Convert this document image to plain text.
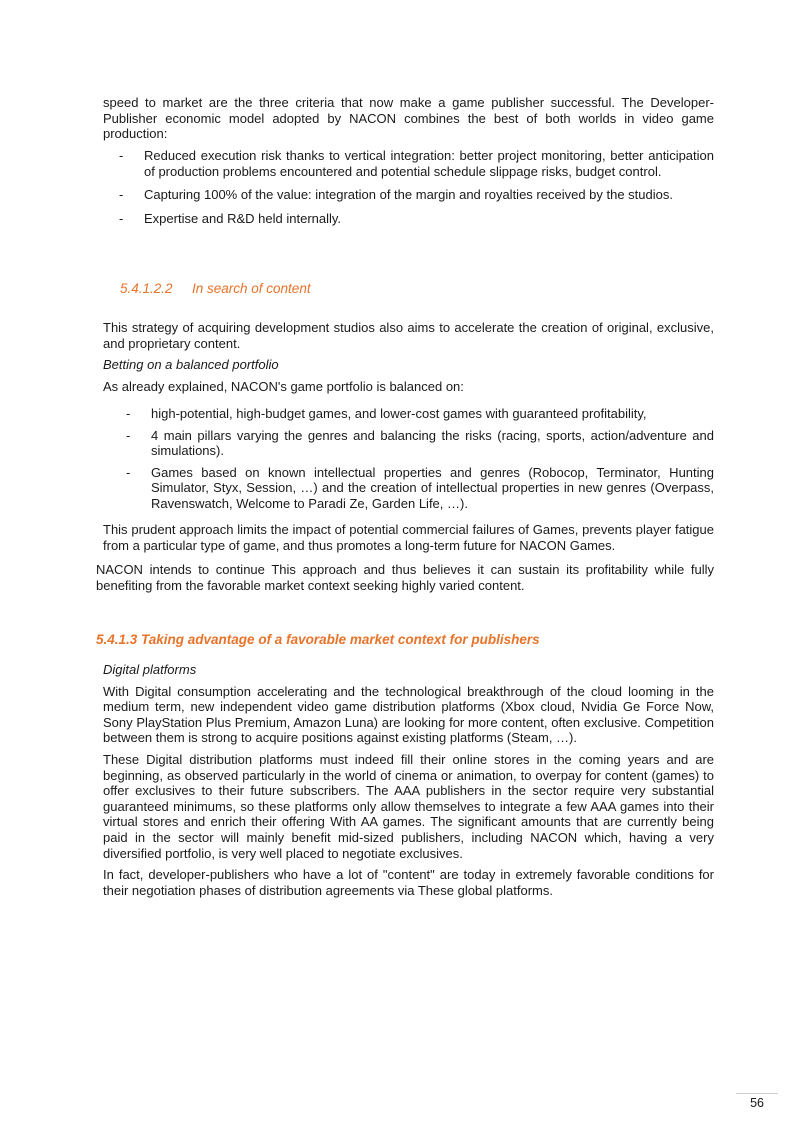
speed to market are the three criteria that now make a game publisher successful. The Developer-Publisher economic model adopted by NACON combines the best of both worlds in video game production:

-	Reduced execution risk thanks to vertical integration: better project monitoring, better anticipation of production problems encountered and potential schedule slippage risks, budget control.
-	Capturing 100% of the value: integration of the margin and royalties received by the studios.
-	Expertise and R&D held internally.
5.4.1.2.2 In search of content

This strategy of acquiring development studios also aims to accelerate the creation of original, exclusive, and proprietary content.

Betting on a balanced portfolio

As already explained, NACON's game portfolio is balanced on:

-	high-potential, high-budget games, and lower-cost games with guaranteed profitability,
-	4 main pillars varying the genres and balancing the risks (racing, sports, action/adventure and simulations).
-	Games based on known intellectual properties and genres (Robocop, Terminator, Hunting Simulator, Styx, Session, …) and the creation of intellectual properties in new genres (Overpass, Ravenswatch, Welcome to Paradi Ze, Garden Life, …).

This prudent approach limits the impact of potential commercial failures of Games, prevents player fatigue from a particular type of game, and thus promotes a long-term future for NACON Games.

NACON intends to continue This approach and thus believes it can sustain its profitability while fully benefiting from the favorable market context seeking highly varied content.

5.4.1.3 Taking advantage of a favorable market context for publishers

Digital platforms

With Digital consumption accelerating and the technological breakthrough of the cloud looming in the medium term, new independent video game distribution platforms (Xbox cloud, Nvidia Ge Force Now, Sony PlayStation Plus Premium, Amazon Luna) are looking for more content, often exclusive. Competition between them is strong to acquire positions against existing platforms (Steam, …).

These Digital distribution platforms must indeed fill their online stores in the coming years and are beginning, as observed particularly in the world of cinema or animation, to overpay for content (games) to offer exclusives to their future subscribers. The AAA publishers in the sector require very substantial guaranteed minimums, so these platforms only allow themselves to integrate a few AAA games into their virtual stores and enrich their offering With AA games. The significant amounts that are currently being paid in the sector will mainly benefit mid-sized publishers, including NACON which, having a very diversified portfolio, is very well placed to negotiate exclusives.

In fact, developer-publishers who have a lot of "content" are today in extremely favorable conditions for their negotiation phases of distribution agreements via These global platforms.

56
